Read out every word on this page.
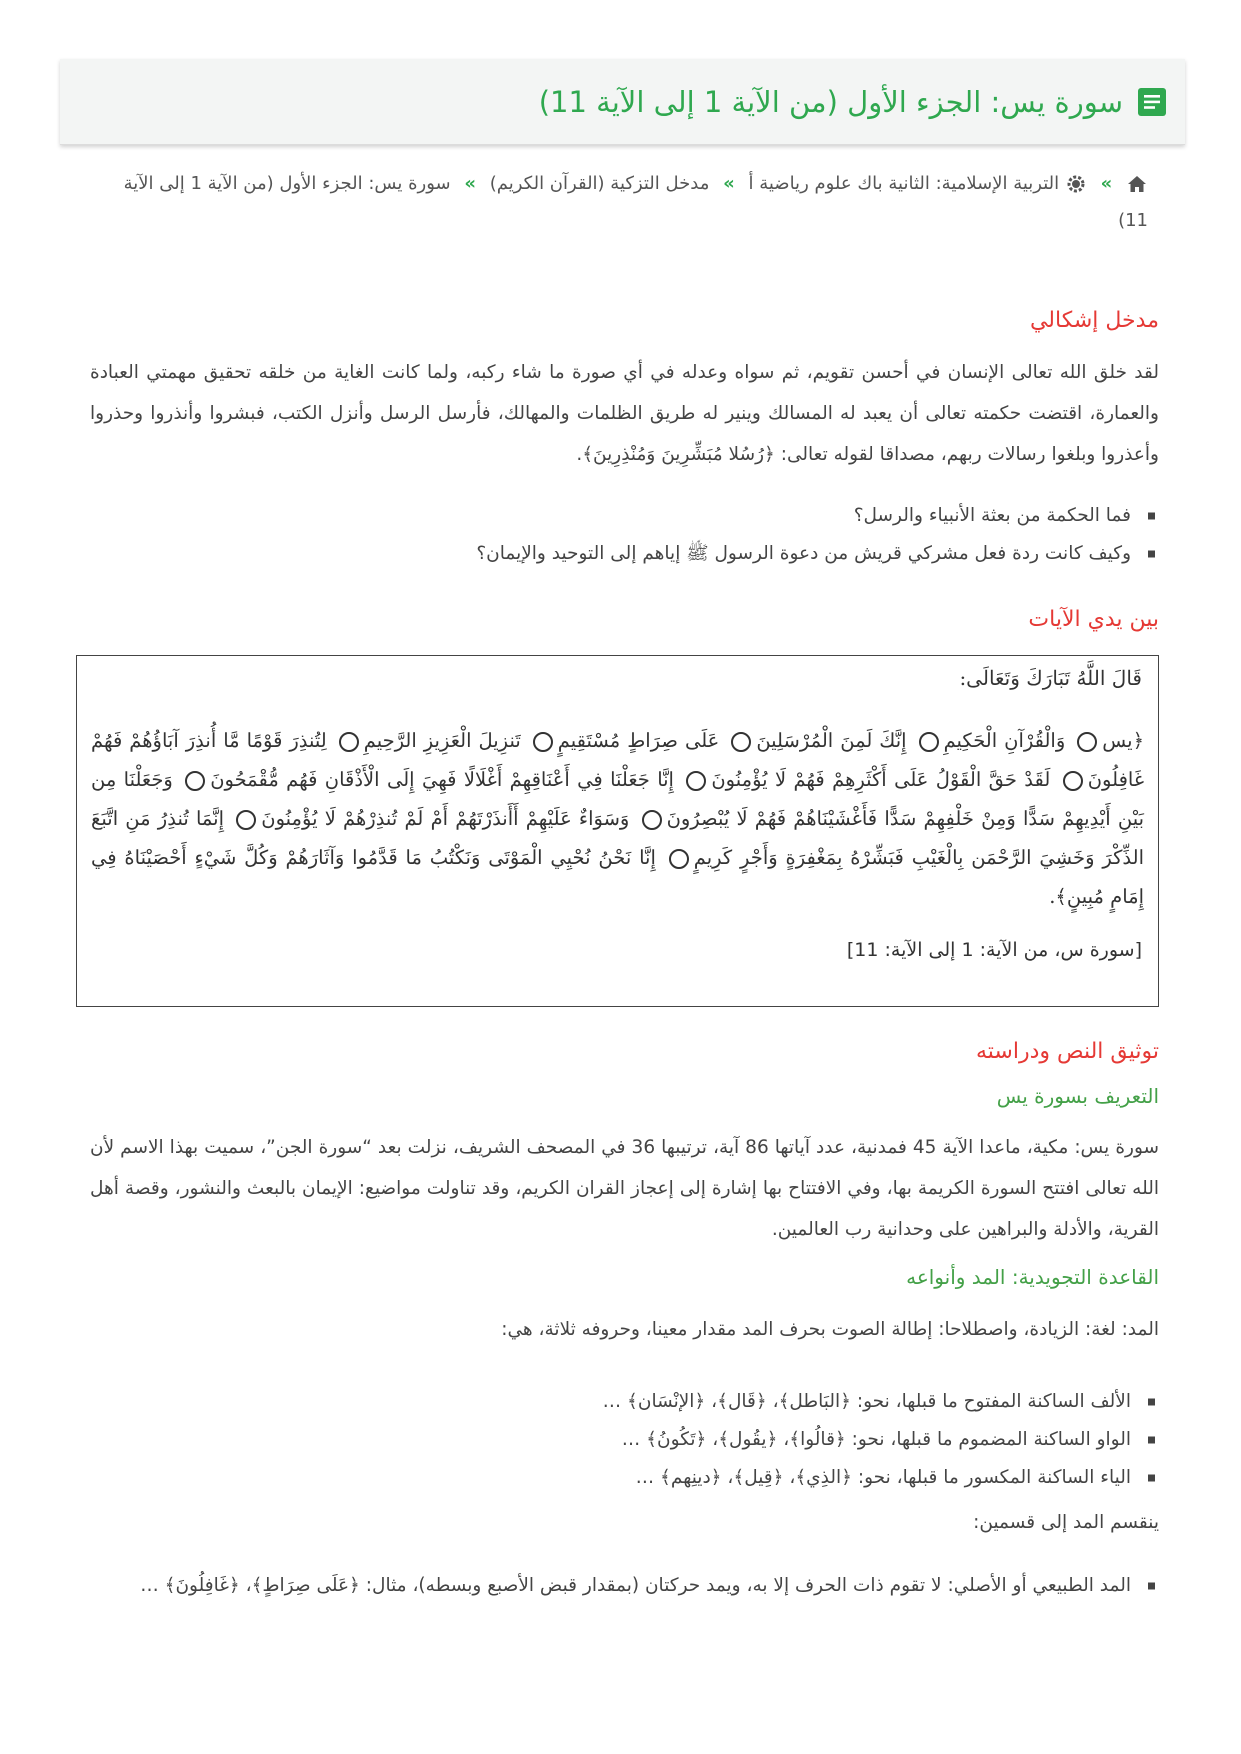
سورة يس: الجزء الأول (من الآية 1 إلى الآية 11)
»  التربية الإسلامية: الثانية باك علوم رياضية أ » مدخل التزكية (القرآن الكريم) » سورة يس: الجزء الأول (من الآية 1 إلى الآية 11)
مدخل إشكالي
لقد خلق الله تعالى الإنسان في أحسن تقويم، ثم سواه وعدله في أي صورة ما شاء ركبه، ولما كانت الغاية من خلقه تحقيق مهمتي العبادة والعمارة، اقتضت حكمته تعالى أن يعبد له المسالك وينير له طريق الظلمات والمهالك، فأرسل الرسل وأنزل الكتب، فبشروا وأنذروا وحذروا وأعذروا وبلغوا رسالات ربهم، مصداقا لقوله تعالى: ﴿رُسُلا مُبَشِّرِينَ وَمُنْذِرِينَ﴾.
فما الحكمة من بعثة الأنبياء والرسل؟
وكيف كانت ردة فعل مشركي قريش من دعوة الرسول ﷺ إياهم إلى التوحيد والإيمان؟
بين يدي الآيات
قَالَ اللَّهُ تَبَارَكَ وَتَعَالَى:
﴿يس وَالْقُرْآنِ الْحَكِيمِ إِنَّكَ لَمِنَ الْمُرْسَلِينَ عَلَى صِرَاطٍ مُسْتَقِيمٍ تَنزِيلَ الْعَزِيزِ الرَّحِيمِ لِتُنذِرَ قَوْمًا مَّا أُنذِرَ آبَاؤُهُمْ فَهُمْ غَافِلُونَ لَقَدْ حَقَّ الْقَوْلُ عَلَى أَكْثَرِهِمْ فَهُمْ لَا يُؤْمِنُونَ إِنَّا جَعَلْنَا فِي أَعْنَاقِهِمْ أَغْلَالًا فَهِيَ إِلَى الْأَذْقَانِ فَهُم مُّقْمَحُونَ وَجَعَلْنَا مِن بَيْنِ أَيْدِيهِمْ سَدًّا وَمِنْ خَلْفِهِمْ سَدًّا فَأَغْشَيْنَاهُمْ فَهُمْ لَا يُبْصِرُونَ وَسَوَاءٌ عَلَيْهِمْ أَأَنذَرْتَهُمْ أَمْ لَمْ تُنذِرْهُمْ لَا يُؤْمِنُونَ إِنَّمَا تُنذِرُ مَنِ اتَّبَعَ الذِّكْرَ وَخَشِيَ الرَّحْمَن بِالْغَيْبِ فَبَشِّرْهُ بِمَغْفِرَةٍ وَأَجْرٍ كَرِيمٍ إِنَّا نَحْنُ نُحْيِي الْمَوْتَى وَنَكْتُبُ مَا قَدَّمُوا وَآثَارَهُمْ وَكُلَّ شَيْءٍ أَحْصَيْنَاهُ فِي إِمَامٍ مُبِينٍ﴾.
[سورة س، من الآية: 1 إلى الآية: 11]
توثيق النص ودراسته
التعريف بسورة يس
سورة يس: مكية، ماعدا الآية 45 فمدنية، عدد آياتها 86 آية، ترتيبها 36 في المصحف الشريف، نزلت بعد “سورة الجن”، سميت بهذا الاسم لأن الله تعالى افتتح السورة الكريمة بها، وفي الافتتاح بها إشارة إلى إعجاز القران الكريم، وقد تناولت مواضيع: الإيمان بالبعث والنشور، وقصة أهل القرية، والأدلة والبراهين على وحدانية رب العالمين.
القاعدة التجويدية: المد وأنواعه
المد: لغة: الزيادة، واصطلاحا: إطالة الصوت بحرف المد مقدار معينا، وحروفه ثلاثة، هي:
الألف الساكنة المفتوح ما قبلها، نحو: ﴿البَاطل﴾، ﴿قَال﴾، ﴿الإنْسَان﴾ …
الواو الساكنة المضموم ما قبلها، نحو: ﴿قالُوا﴾، ﴿يقُول﴾، ﴿تَكُونُ﴾ …
الياء الساكنة المكسور ما قبلها، نحو: ﴿الذِي﴾، ﴿قِيل﴾، ﴿دينِهم﴾ …
ينقسم المد إلى قسمين:
المد الطبيعي أو الأصلي: لا تقوم ذات الحرف إلا به، ويمد حركتان (بمقدار قبض الأصبع وبسطه)، مثال: ﴿عَلَى صِرَاطٍ﴾، ﴿غَافِلُونَ﴾ …
